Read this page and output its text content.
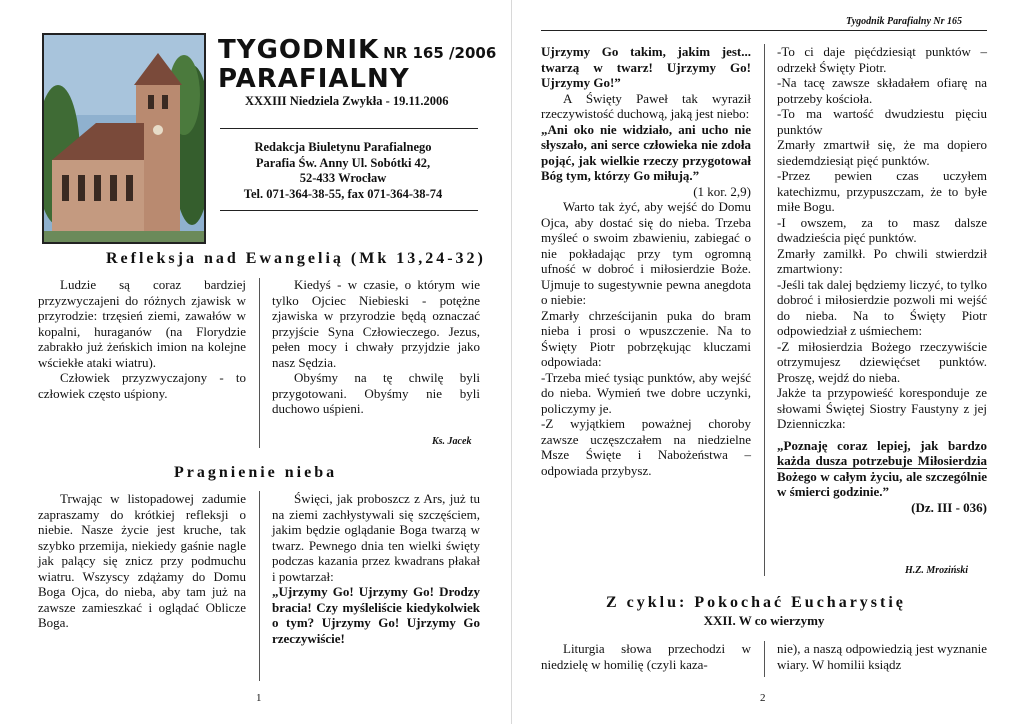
TYGODNIK NR 165 /2006
PARAFIALNY
XXXIII Niedziela Zwykła - 19.11.2006
Redakcja Biuletynu Parafialnego
Parafia Św. Anny Ul. Sobótki 42,
52-433 Wrocław
Tel. 071-364-38-55, fax 071-364-38-74
Refleksja nad Ewangelią (Mk 13,24-32)

Ludzie są coraz bardziej przyzwyczajeni do różnych zjawisk w przyrodzie: trzęsień ziemi, zawałów w kopalni, huraganów (na Florydzie zabrakło już żeńskich imion na kolejne wściekłe ataki wiatru).

Człowiek przyzwyczajony - to człowiek często uśpiony.

Kiedyś - w czasie, o którym wie tylko Ojciec Niebieski - potężne zjawiska w przyrodzie będą oznaczać przyjście Syna Człowieczego. Jezus, pełen mocy i chwały przyjdzie jako nasz Sędzia.

Obyśmy na tę chwilę byli przygotowani. Obyśmy nie byli duchowo uśpieni.

Ks. Jacek
Pragnienie nieba

Trwając w listopadowej zadumie zapraszamy do krótkiej refleksji o niebie. Nasze życie jest kruche, tak szybko przemija, niekiedy gaśnie nagle jak palący się znicz przy podmuchu wiatru. Wszyscy zdążamy do Domu Boga Ojca, do nieba, aby tam już na zawsze zamieszkać i oglądać Oblicze Boga.

Święci, jak proboszcz z Ars, już tu na ziemi zachłystywali się szczęściem, jakim będzie oglądanie Boga twarzą w twarz. Pewnego dnia ten wielki święty podczas kazania przez kwadrans płakał i powtarzał:

„Ujrzymy Go! Ujrzymy Go! Drodzy bracia! Czy myśleliście kiedykolwiek o tym? Ujrzymy Go! Ujrzymy Go rzeczywiście!

1
Tygodnik Parafialny Nr 165

Ujrzymy Go takim, jakim jest... twarzą w twarz! Ujrzymy Go! Ujrzymy Go!”

A Święty Paweł tak wyraził rzeczywistość duchową, jaką jest niebo:

„Ani oko nie widziało, ani ucho nie słyszało, ani serce człowieka nie zdoła pojąć, jak wielkie rzeczy przygotował Bóg tym, którzy Go miłują.”

(1 kor. 2,9)

Warto tak żyć, aby wejść do Domu Ojca, aby dostać się do nieba. Trzeba myśleć o swoim zbawieniu, zabiegać o nie pokładając przy tym ogromną ufność w dobroć i miłosierdzie Boże. Ujmuje to sugestywnie pewna anegdota o niebie:

Zmarły chrześcijanin puka do bram nieba i prosi o wpuszczenie. Na to Święty Piotr pobrzękując kluczami odpowiada:

-Trzeba mieć tysiąc punktów, aby wejść do nieba. Wymień twe dobre uczynki, policzymy je.

-Z wyjątkiem poważnej choroby zawsze uczęszczałem na niedzielne Msze Święte i Nabożeństwa – odpowiada przybysz.

-To ci daje pięćdziesiąt punktów – odrzekł Święty Piotr.

-Na tacę zawsze składałem ofiarę na potrzeby kościoła.

-To ma wartość dwudziestu pięciu punktów

Zmarły zmartwił się, że ma dopiero siedemdziesiąt pięć punktów.

-Przez pewien czas uczyłem katechizmu, przypuszczam, że to byłe miłe Bogu.

-I owszem, za to masz dalsze dwadzieścia pięć punktów.

Zmarły zamilkł. Po chwili stwierdził zmartwiony:

-Jeśli tak dalej będziemy liczyć, to tylko dobroć i miłosierdzie pozwoli mi wejść do nieba. Na to Święty Piotr odpowiedział z uśmiechem:

-Z miłosierdzia Bożego rzeczywiście otrzymujesz dziewięćset punktów. Proszę, wejdź do nieba.

Jakże ta przypowieść koresponduje ze słowami Świętej Siostry Faustyny z jej Dzienniczka:

„Poznaję coraz lepiej, jak bardzo każda dusza potrzebuje Miłosierdzia Bożego w całym życiu, ale szczególnie w śmierci godzinie.”

(Dz. III - 036)

H.Z. Mroziński
Z cyklu: Pokochać Eucharystię
XXII. W co wierzymy

Liturgia słowa przechodzi w niedzielę w homilię (czyli kaza-

nie), a naszą odpowiedzią jest wyznanie wiary. W homilii ksiądz

2
